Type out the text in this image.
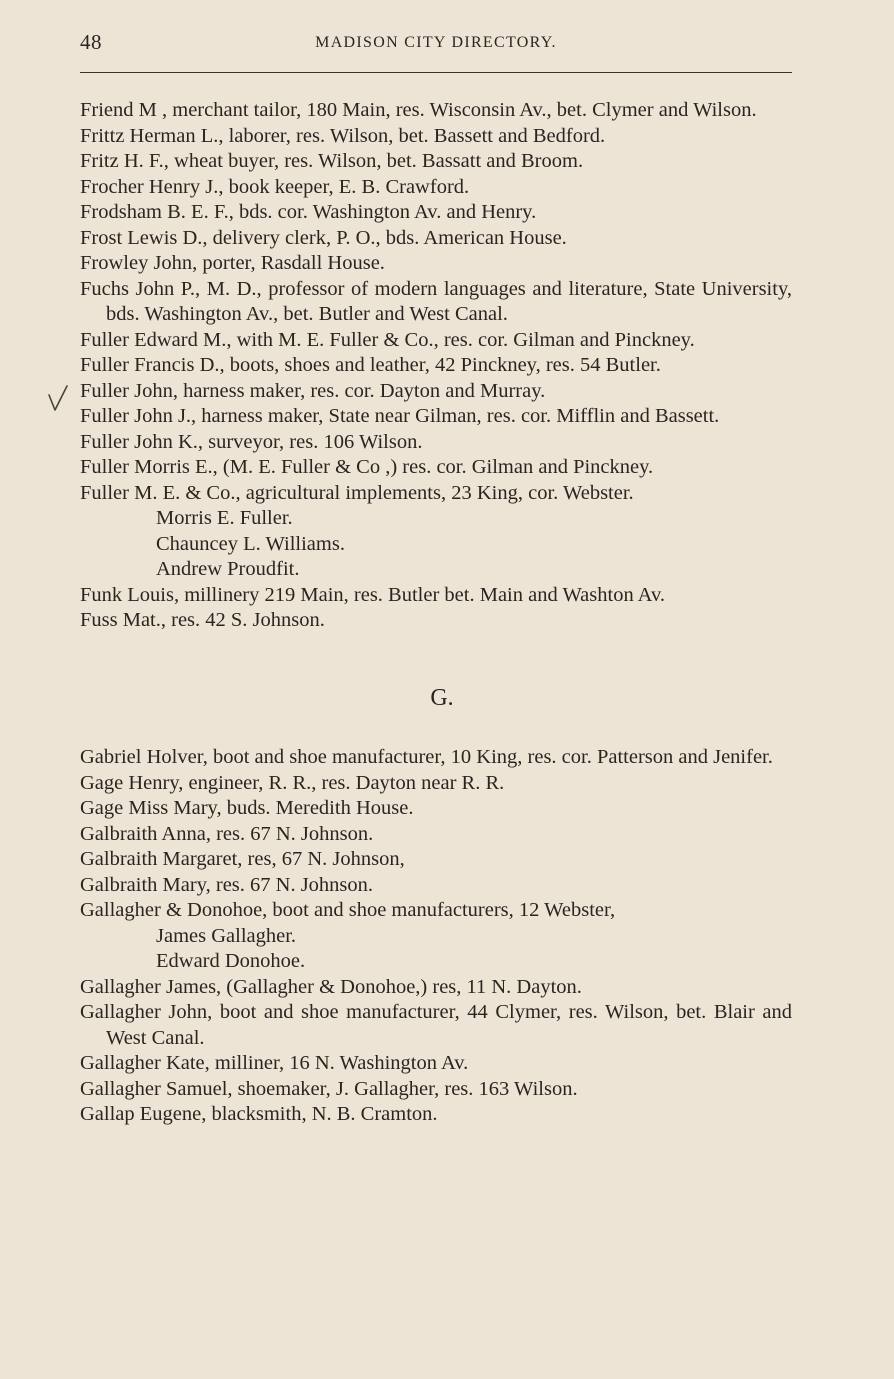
48	MADISON CITY DIRECTORY.
Friend M , merchant tailor, 180 Main, res. Wisconsin Av., bet. Clymer and Wilson.
Frittz Herman L., laborer, res. Wilson, bet. Bassett and Bedford.
Fritz H. F., wheat buyer, res. Wilson, bet. Bassatt and Broom.
Frocher Henry J., book keeper, E. B. Crawford.
Frodsham B. E. F., bds. cor. Washington Av. and Henry.
Frost Lewis D., delivery clerk, P. O., bds. American House.
Frowley John, porter, Rasdall House.
Fuchs John P., M. D., professor of modern languages and literature, State University, bds. Washington Av., bet. Butler and West Canal.
Fuller Edward M., with M. E. Fuller & Co., res. cor. Gilman and Pinckney.
Fuller Francis D., boots, shoes and leather, 42 Pinckney, res. 54 Butler.
Fuller John, harness maker, res. cor. Dayton and Murray.
Fuller John J., harness maker, State near Gilman, res. cor. Mifflin and Bassett.
Fuller John K., surveyor, res. 106 Wilson.
Fuller Morris E., (M. E. Fuller & Co ,) res. cor. Gilman and Pinckney.
Fuller M. E. & Co., agricultural implements, 23 King, cor. Webster.
Morris E. Fuller.
Chauncey L. Williams.
Andrew Proudfit.
Funk Louis, millinery 219 Main, res. Butler bet. Main and Washton Av.
Fuss Mat., res. 42 S. Johnson.
G.
Gabriel Holver, boot and shoe manufacturer, 10 King, res. cor. Patterson and Jenifer.
Gage Henry, engineer, R. R., res. Dayton near R. R.
Gage Miss Mary, buds. Meredith House.
Galbraith Anna, res. 67 N. Johnson.
Galbraith Margaret, res, 67 N. Johnson,
Galbraith Mary, res. 67 N. Johnson.
Gallagher & Donohoe, boot and shoe manufacturers, 12 Webster,
James Gallagher.
Edward Donohoe.
Gallagher James, (Gallagher & Donohoe,) res, 11 N. Dayton.
Gallagher John, boot and shoe manufacturer, 44 Clymer, res. Wilson, bet. Blair and West Canal.
Gallagher Kate, milliner, 16 N. Washington Av.
Gallagher Samuel, shoemaker, J. Gallagher, res. 163 Wilson.
Gallap Eugene, blacksmith, N. B. Cramton.
